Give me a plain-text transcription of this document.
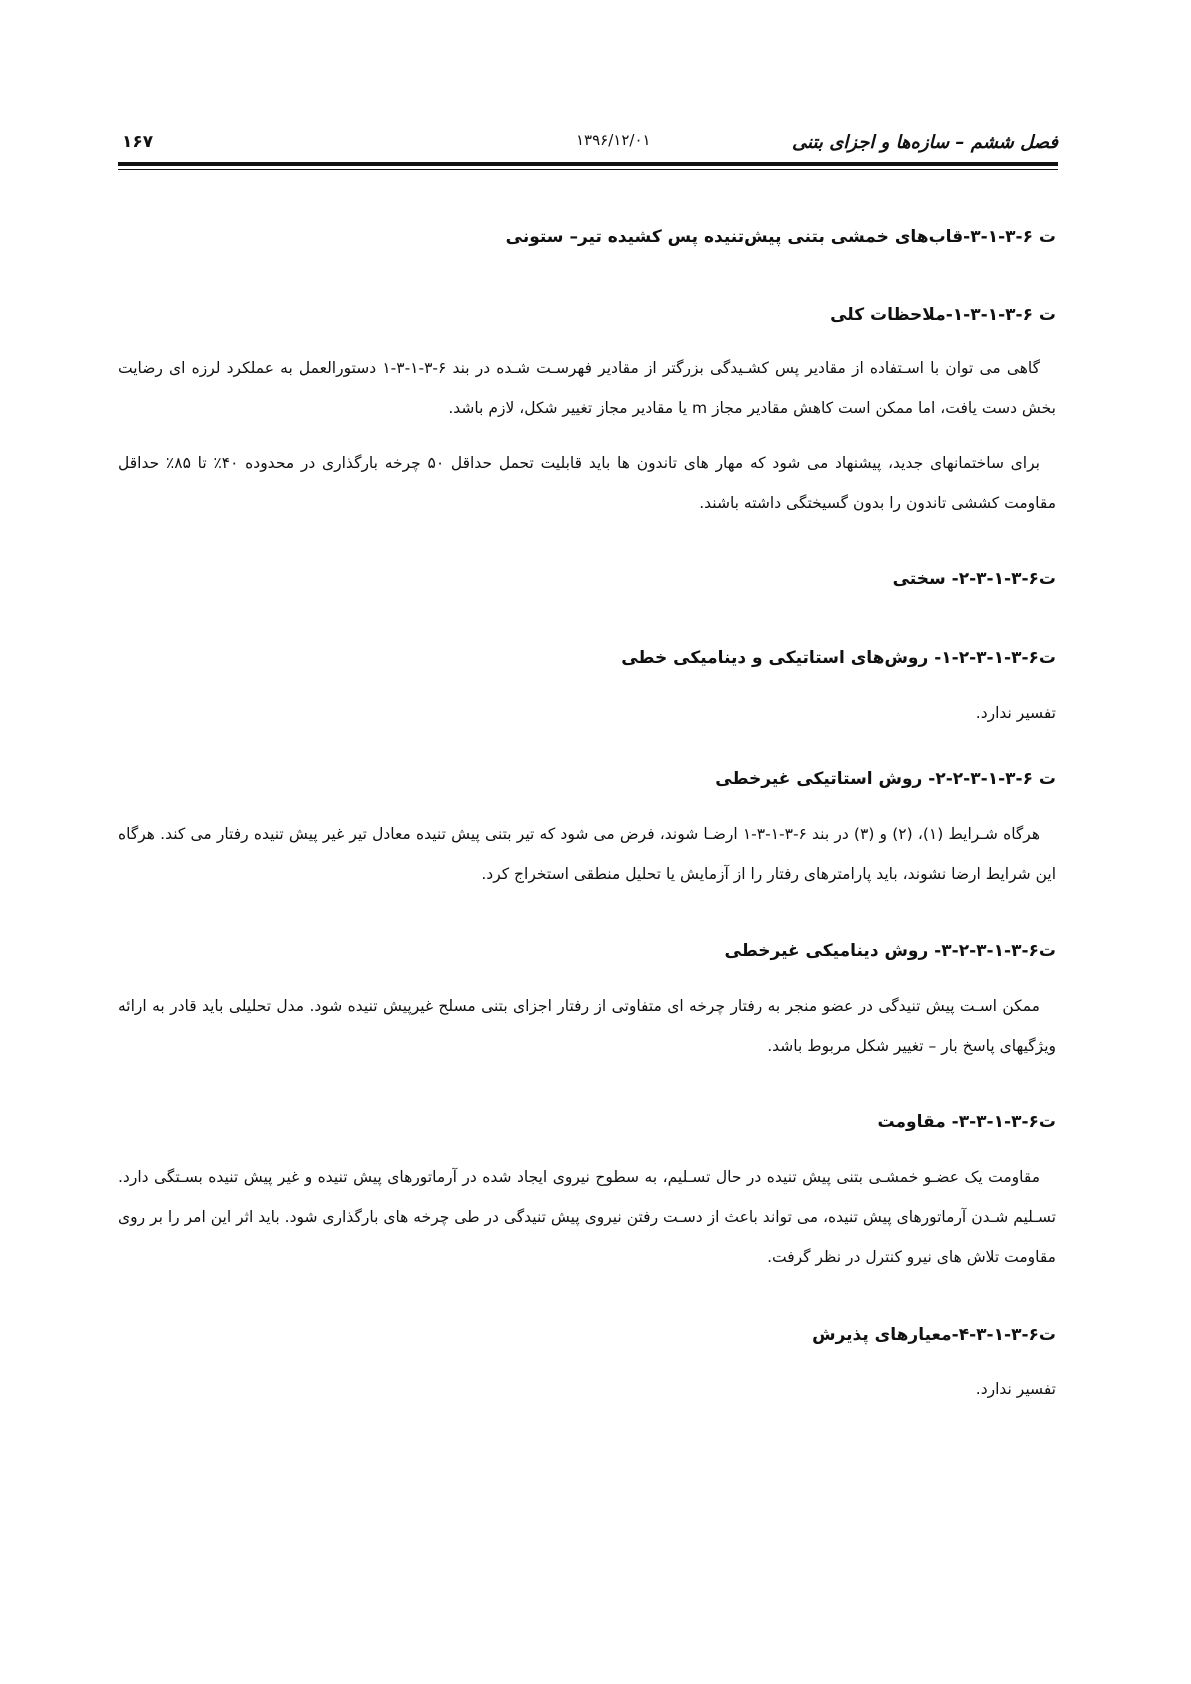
فصل ششم – سازه‌ها و اجزای بتنی
۱۳۹۶/۱۲/۰۱
۱۶۷
ت ۶-۳-۱-۳-قاب‌های خمشی بتنی پیش‌تنیده پس کشیده تیر– ستونی
ت ۶-۳-۱-۳-۱-ملاحظات کلی
گاهی می توان با اسـتفاده از مقادیر پس کشـیدگی بزرگتر از مقادیر فهرسـت شـده در بند ۶-۳-۱-۳-۱ دستورالعمل به عملکرد لرزه ای رضایت بخش دست یافت، اما ممکن است کاهش مقادیر مجاز m یا مقادیر مجاز تغییر شکل، لازم باشد.
برای ساختمانهای جدید، پیشنهاد می شود که مهار های تاندون ها باید قابلیت تحمل حداقل ۵۰ چرخه بارگذاری در محدوده ۴۰٪ تا ۸۵٪ حداقل مقاومت کششی تاندون را بدون گسیختگی داشته باشند.
ت۶-۳-۱-۳-۲- سختی
ت۶-۳-۱-۳-۲-۱- روش‌های استاتیکی و دینامیکی خطی
تفسیر ندارد.
ت ۶-۳-۱-۳-۲-۲- روش استاتیکی غیرخطی
هرگاه شـرایط (۱)، (۲) و (۳) در بند ۶-۳-۱-۳-۱ ارضـا شوند، فرض می شود که تیر بتنی پیش تنیده معادل تیر غیر پیش تنیده رفتار می کند. هرگاه این شرایط ارضا نشوند، باید پارامترهای رفتار را از آزمایش یا تحلیل منطقی استخراج کرد.
ت۶-۳-۱-۳-۲-۳- روش دینامیکی غیرخطی
ممکن اسـت پیش تنیدگی در عضو منجر به رفتار چرخه ای متفاوتی از رفتار اجزای بتنی مسلح غیرپیش تنیده شود. مدل تحلیلی باید قادر به ارائه ویژگیهای پاسخ بار – تغییر شکل مربوط باشد.
ت۶-۳-۱-۳-۳- مقاومت
مقاومت یک عضـو خمشـی بتنی پیش تنیده در حال تسـلیم، به سطوح نیروی ایجاد شده در آرماتورهای پیش تنیده و غیر پیش تنیده بسـتگی دارد. تسـلیم شـدن آرماتورهای پیش تنیده، می تواند باعث از دسـت رفتن نیروی پیش تنیدگی در طی چرخه های بارگذاری شود. باید اثر این امر را بر روی مقاومت تلاش های نیرو کنترل در نظر گرفت.
ت۶-۳-۱-۳-۴-معیارهای پذیرش
تفسیر ندارد.
